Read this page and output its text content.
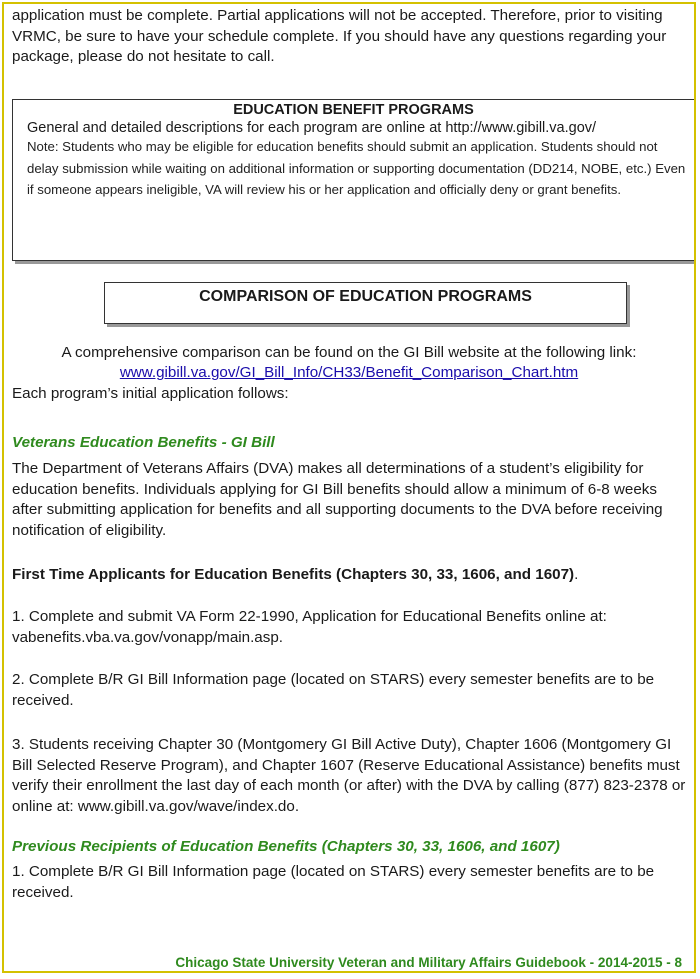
application must be complete. Partial applications will not be accepted. Therefore, prior to visiting VRMC, be sure to have your schedule complete. If you should have any questions regarding your package, please do not hesitate to call.

EDUCATION BENEFIT PROGRAMS
General and detailed descriptions for each program are online at http://www.gibill.va.gov/
Note: Students who may be eligible for education benefits should submit an application. Students should not delay submission while waiting on additional information or supporting documentation (DD214, NOBE, etc.) Even if someone appears ineligible, VA will review his or her application and officially deny or grant benefits.
COMPARISON OF EDUCATION PROGRAMS

A comprehensive comparison can be found on the GI Bill website at the following link:

www.gibill.va.gov/GI_Bill_Info/CH33/Benefit_Comparison_Chart.htm

Each program’s initial application follows:

Veterans Education Benefits - GI Bill

The Department of Veterans Affairs (DVA) makes all determinations of a student’s eligibility for education benefits. Individuals applying for GI Bill benefits should allow a minimum of 6-8 weeks after submitting application for benefits and all supporting documents to the DVA before receiving notification of eligibility.

First Time Applicants for Education Benefits (Chapters 30, 33, 1606, and 1607).

1. Complete and submit VA Form 22-1990, Application for Educational Benefits online at: vabenefits.vba.va.gov/vonapp/main.asp.

2. Complete B/R GI Bill Information page (located on STARS) every semester benefits are to be received.

3. Students receiving Chapter 30 (Montgomery GI Bill Active Duty), Chapter 1606 (Montgomery GI Bill Selected Reserve Program), and Chapter 1607 (Reserve Educational Assistance) benefits must verify their enrollment the last day of each month (or after) with the DVA by calling (877) 823-2378 or online at: www.gibill.va.gov/wave/index.do.

Previous Recipients of Education Benefits (Chapters 30, 33, 1606, and 1607)

1. Complete B/R GI Bill Information page (located on STARS) every semester benefits are to be received.

Chicago State University Veteran and Military Affairs Guidebook - 2014-2015 - 8
